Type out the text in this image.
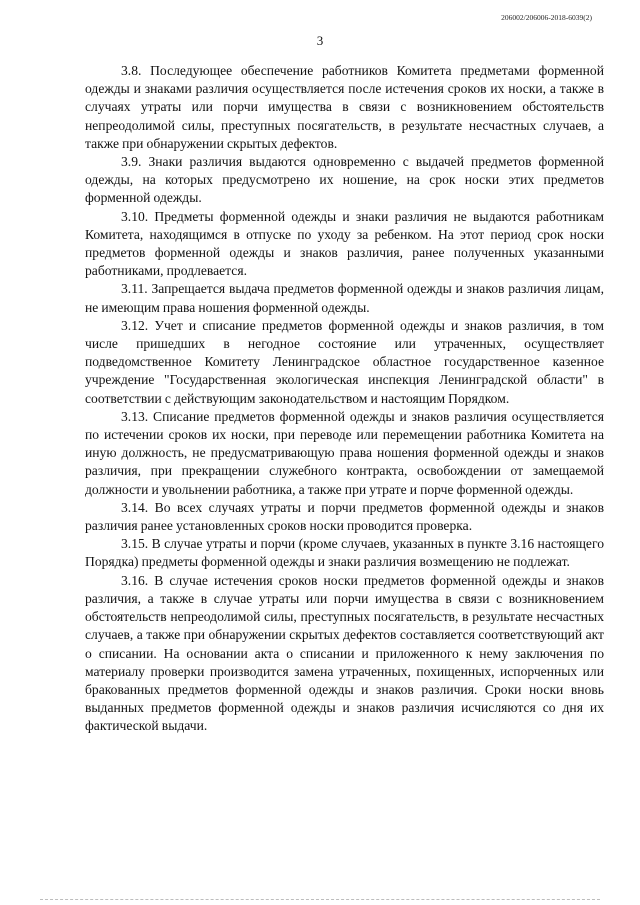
206002/206006-2018-6039(2)
3

3.8. Последующее обеспечение работников Комитета предметами форменной одежды и знаками различия осуществляется после истечения сроков их носки, а также в случаях утраты или порчи имущества в связи с возникновением обстоятельств непреодолимой силы, преступных посягательств, в результате несчастных случаев, а также при обнаружении скрытых дефектов.

3.9. Знаки различия выдаются одновременно с выдачей предметов форменной одежды, на которых предусмотрено их ношение, на срок носки этих предметов форменной одежды.

3.10. Предметы форменной одежды и знаки различия не выдаются работникам Комитета, находящимся в отпуске по уходу за ребенком. На этот период срок носки предметов форменной одежды и знаков различия, ранее полученных указанными работниками, продлевается.

3.11. Запрещается выдача предметов форменной одежды и знаков различия лицам, не имеющим права ношения форменной одежды.

3.12. Учет и списание предметов форменной одежды и знаков различия, в том числе пришедших в негодное состояние или утраченных, осуществляет подведомственное Комитету Ленинградское областное государственное казенное учреждение "Государственная экологическая инспекция Ленинградской области" в соответствии с действующим законодательством и настоящим Порядком.

3.13. Списание предметов форменной одежды и знаков различия осуществляется по истечении сроков их носки, при переводе или перемещении работника Комитета на иную должность, не предусматривающую права ношения форменной одежды и знаков различия, при прекращении служебного контракта, освобождении от замещаемой должности и увольнении работника, а также при утрате и порче форменной одежды.

3.14. Во всех случаях утраты и порчи предметов форменной одежды и знаков различия ранее установленных сроков носки проводится проверка.

3.15. В случае утраты и порчи (кроме случаев, указанных в пункте 3.16 настоящего Порядка) предметы форменной одежды и знаки различия возмещению не подлежат.

3.16. В случае истечения сроков носки предметов форменной одежды и знаков различия, а также в случае утраты или порчи имущества в связи с возникновением обстоятельств непреодолимой силы, преступных посягательств, в результате несчастных случаев, а также при обнаружении скрытых дефектов составляется соответствующий акт о списании. На основании акта о списании и приложенного к нему заключения по материалу проверки производится замена утраченных, похищенных, испорченных или бракованных предметов форменной одежды и знаков различия. Сроки носки вновь выданных предметов форменной одежды и знаков различия исчисляются со дня их фактической выдачи.
